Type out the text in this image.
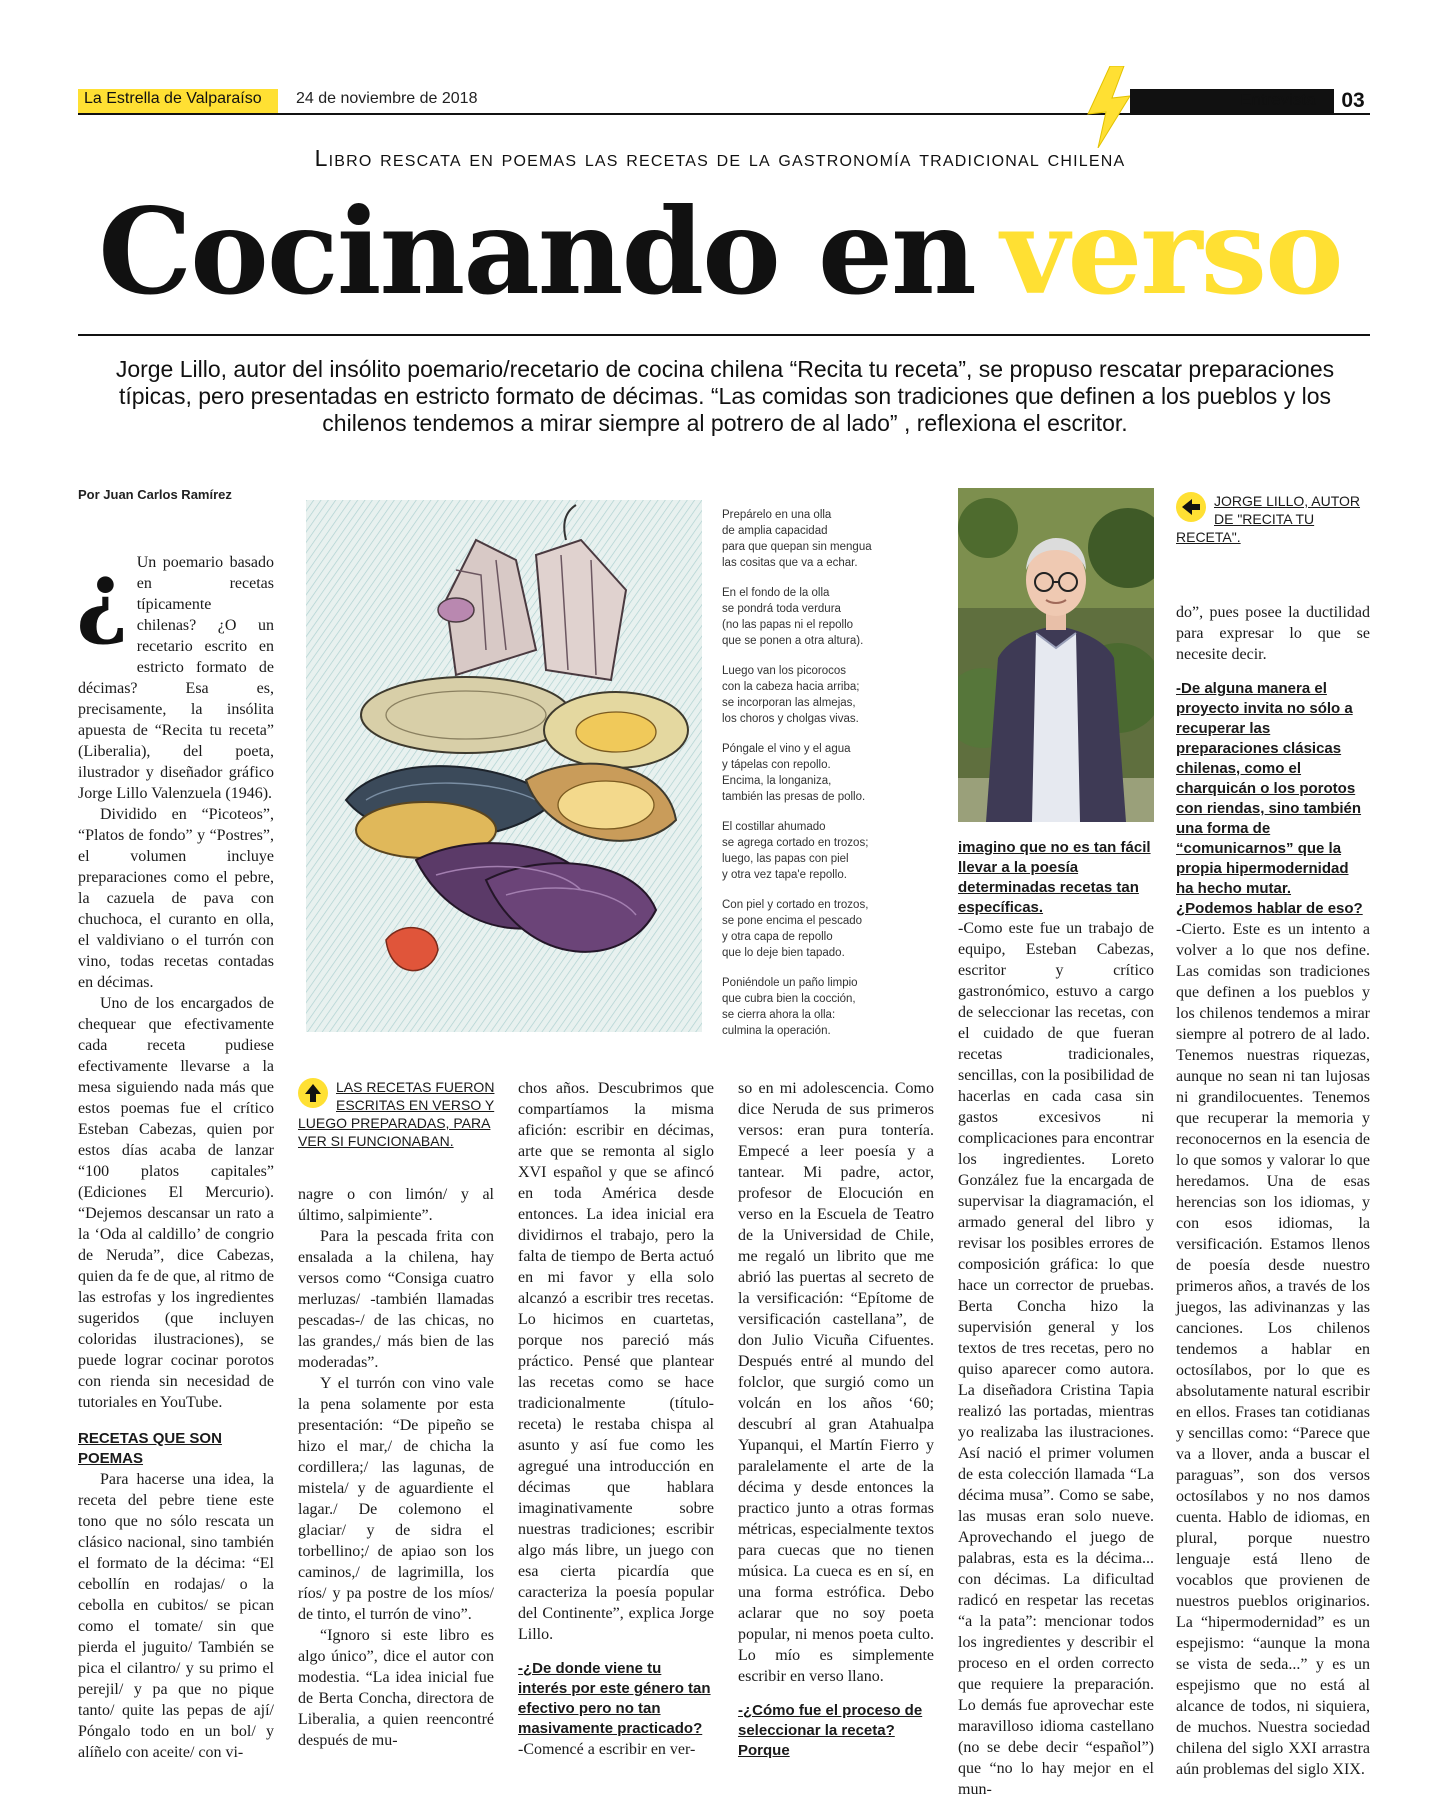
La Estrella de Valparaíso 24 de noviembre de 2018	Entrevista 03
Libro rescata en poemas las recetas de la gastronomía tradicional chilena
Cocinando en verso

Jorge Lillo, autor del insólito poemario/recetario de cocina chilena “Recita tu receta”, se propuso rescatar preparaciones típicas, pero presentadas en estricto formato de décimas. “Las comidas son tradiciones que definen a los pueblos y los chilenos tendemos a mirar siempre al potrero de al lado” , reflexiona el escritor.

Por Juan Carlos Ramírez

¿ Un poemario basado en recetas típicamente chilenas? ¿O un recetario escrito en estricto formato de décimas? Esa es, precisamente, la insólita apuesta de “Recita tu receta” (Liberalia), del poeta, ilustrador y diseñador gráfico Jorge Lillo Valenzuela (1946).

Dividido en “Picoteos”, “Platos de fondo” y “Postres”, el volumen incluye preparaciones como el pebre, la cazuela de pava con chuchoca, el curanto en olla, el valdiviano o el turrón con vino, todas recetas contadas en décimas.

Uno de los encargados de chequear que efectivamente cada receta pudiese efectivamente llevarse a la mesa siguiendo nada más que estos poemas fue el crítico Esteban Cabezas, quien por estos días acaba de lanzar “100 platos capitales” (Ediciones El Mercurio). “Dejemos descansar un rato a la ‘Oda al caldillo’ de congrio de Neruda”, dice Cabezas, quien da fe de que, al ritmo de las estrofas y los ingredientes sugeridos (que incluyen coloridas ilustraciones), se puede lograr cocinar porotos con rienda sin necesidad de tutoriales en YouTube.

RECETAS QUE SON POEMAS

Para hacerse una idea, la receta del pebre tiene este tono que no sólo rescata un clásico nacional, sino también el formato de la décima: “El cebollín en rodajas/ o la cebolla en cubitos/ se pican como el tomate/ sin que pierda el juguito/ También se pica el cilantro/ y su primo el perejil/ y pa que no pique tanto/ quite las pepas de ají/ Póngalo todo en un bol/ y alíñelo con aceite/ con vi-

Prepárelo en una olla
de amplia capacidad
para que quepan sin mengua
las cositas que va a echar.
En el fondo de la olla
se pondrá toda verdura
(no las papas ni el repollo
que se ponen a otra altura).
Luego van los picorocos
con la cabeza hacia arriba;
se incorporan las almejas,
los choros y cholgas vivas.
Póngale el vino y el agua
y tápelas con repollo.
Encima, la longaniza,
también las presas de pollo.
El costillar ahumado
se agrega cortado en trozos;
luego, las papas con piel
y otra vez tapa'e repollo.
Con piel y cortado en trozos,
se pone encima el pescado
y otra capa de repollo
que lo deje bien tapado.
Poniéndole un paño limpio
que cubra bien la cocción,
se cierra ahora la olla:
culmina la operación.
LAS RECETAS FUERON ESCRITAS EN VERSO Y LUEGO PREPARADAS, PARA VER SI FUNCIONABAN.

nagre o con limón/ y al último, salpimiente”.

Para la pescada frita con ensalada a la chilena, hay versos como “Consiga cuatro merluzas/ -también llamadas pescadas-/ de las chicas, no las grandes,/ más bien de las moderadas”.

Y el turrón con vino vale la pena solamente por esta presentación: “De pipeño se hizo el mar,/ de chicha la cordillera;/ las lagunas, de mistela/ y de aguardiente el lagar./ De colemono el glaciar/ y de sidra el torbellino;/ de apiao son los caminos,/ de lagrimilla, los ríos/ y pa postre de los míos/ de tinto, el turrón de vino”.

“Ignoro si este libro es algo único”, dice el autor con modestia. “La idea inicial fue de Berta Concha, directora de Liberalia, a quien reencontré después de mu-

chos años. Descubrimos que compartíamos la misma afición: escribir en décimas, arte que se remonta al siglo XVI español y que se afincó en toda América desde entonces. La idea inicial era dividirnos el trabajo, pero la falta de tiempo de Berta actuó en mi favor y ella solo alcanzó a escribir tres recetas. Lo hicimos en cuartetas, porque nos pareció más práctico. Pensé que plantear las recetas como se hace tradicionalmente (título-receta) le restaba chispa al asunto y así fue como les agregué una introducción en décimas que hablara imaginativamente sobre nuestras tradiciones; escribir algo más libre, un juego con esa cierta picardía que caracteriza la poesía popular del Continente”, explica Jorge Lillo.

-¿De donde viene tu interés por este género tan efectivo pero no tan masivamente practicado?

-Comencé a escribir en ver-

so en mi adolescencia. Como dice Neruda de sus primeros versos: eran pura tontería. Empecé a leer poesía y a tantear. Mi padre, actor, profesor de Elocución en verso en la Escuela de Teatro de la Universidad de Chile, me regaló un librito que me abrió las puertas al secreto de la versificación: “Epítome de versificación castellana”, de don Julio Vicuña Cifuentes. Después entré al mundo del folclor, que surgió como un volcán en los años ‘60; descubrí al gran Atahualpa Yupanqui, el Martín Fierro y paralelamente el arte de la décima y desde entonces la practico junto a otras formas métricas, especialmente textos para cuecas que no tienen música. La cueca es en sí, en una forma estrófica. Debo aclarar que no soy poeta popular, ni menos poeta culto. Lo mío es simplemente escribir en verso llano.

-¿Cómo fue el proceso de seleccionar la receta? Porque
JORGE LILLO, AUTOR DE "RECITA TU RECETA".
imagino que no es tan fácil llevar a la poesía determinadas recetas tan específicas.

-Como este fue un trabajo de equipo, Esteban Cabezas, escritor y crítico gastronómico, estuvo a cargo de seleccionar las recetas, con el cuidado de que fueran recetas tradicionales, sencillas, con la posibilidad de hacerlas en cada casa sin gastos excesivos ni complicaciones para encontrar los ingredientes. Loreto González fue la encargada de supervisar la diagramación, el armado general del libro y revisar los posibles errores de composición gráfica: lo que hace un corrector de pruebas. Berta Concha hizo la supervisión general y los textos de tres recetas, pero no quiso aparecer como autora. La diseñadora Cristina Tapia realizó las portadas, mientras yo realizaba las ilustraciones. Así nació el primer volumen de esta colección llamada “La décima musa”. Como se sabe, las musas eran solo nueve. Aprovechando el juego de palabras, esta es la décima... con décimas. La dificultad radicó en respetar las recetas “a la pata”: mencionar todos los ingredientes y describir el proceso en el orden correcto que requiere la preparación. Lo demás fue aprovechar este maravilloso idioma castellano (no se debe decir “español”) que “no lo hay mejor en el mun-

do”, pues posee la ductilidad para expresar lo que se necesite decir.

-De alguna manera el proyecto invita no sólo a recuperar las preparaciones clásicas chilenas, como el charquicán o los porotos con riendas, sino también una forma de “comunicarnos” que la propia hipermodernidad ha hecho mutar. ¿Podemos hablar de eso?

-Cierto. Este es un intento a volver a lo que nos define. Las comidas son tradiciones que definen a los pueblos y los chilenos tendemos a mirar siempre al potrero de al lado. Tenemos nuestras riquezas, aunque no sean ni tan lujosas ni grandilocuentes. Tenemos que recuperar la memoria y reconocernos en la esencia de lo que somos y valorar lo que heredamos. Una de esas herencias son los idiomas, y con esos idiomas, la versificación. Estamos llenos de poesía desde nuestro primeros años, a través de los juegos, las adivinanzas y las canciones. Los chilenos tendemos a hablar en octosílabos, por lo que es absolutamente natural escribir en ellos. Frases tan cotidianas y sencillas como: “Parece que va a llover, anda a buscar el paraguas”, son dos versos octosílabos y no nos damos cuenta. Hablo de idiomas, en plural, porque nuestro lenguaje está lleno de vocablos que provienen de nuestros pueblos originarios. La “hipermodernidad” es un espejismo: “aunque la mona se vista de seda...” y es un espejismo que no está al alcance de todos, ni siquiera, de muchos. Nuestra sociedad chilena del siglo XXI arrastra aún problemas del siglo XIX.
